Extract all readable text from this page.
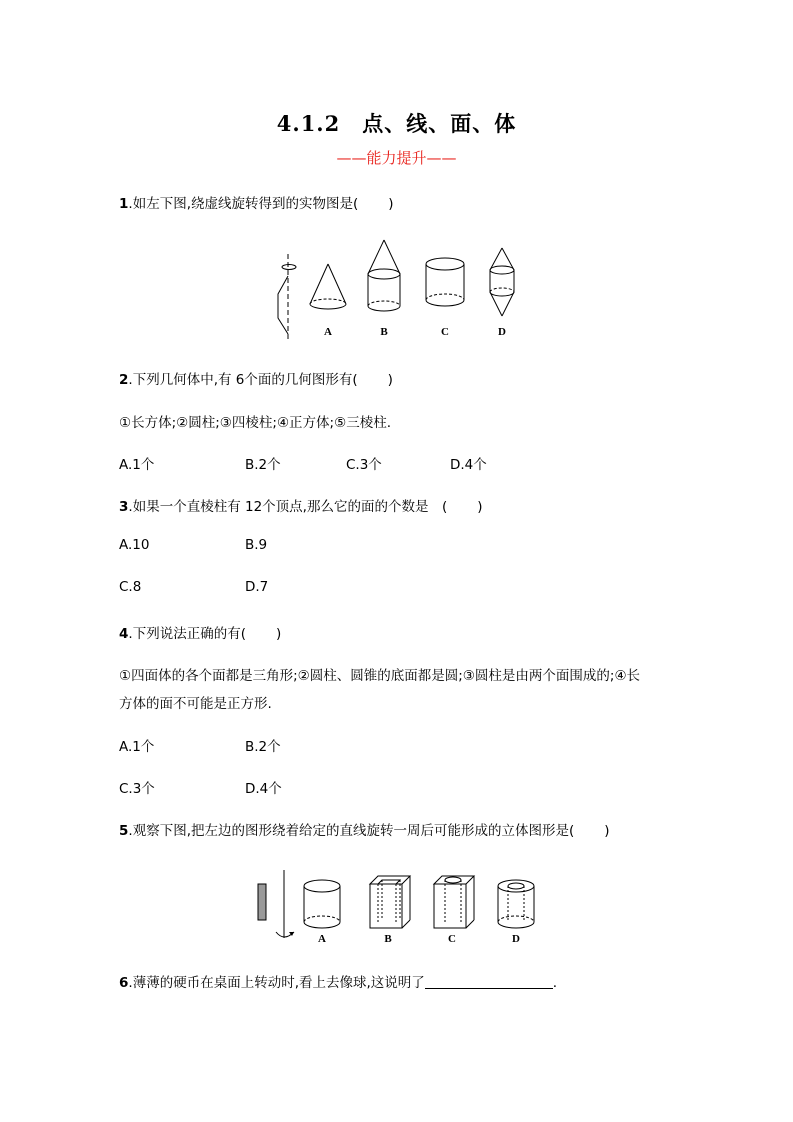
4.1.2　点、线、面、体
——能力提升——
1.如左下图,绕虚线旋转得到的实物图是( )
A	B	C	D
2.下列几何体中,有 6个面的几何图形有( )
①长方体;②圆柱;③四棱柱;④正方体;⑤三棱柱.
A.1个	B.2个	C.3个	D.4个
3.如果一个直棱柱有 12个顶点,那么它的面的个数是　( )
A.10	B.9
C.8	D.7
4.下列说法正确的有( )
①四面体的各个面都是三角形;②圆柱、圆锥的底面都是圆;③圆柱是由两个面围成的;④长
方体的面不可能是正方形.
A.1个	B.2个
C.3个	D.4个
5.观察下图,把左边的图形绕着给定的直线旋转一周后可能形成的立体图形是( )
A	B	C	D
6.薄薄的硬币在桌面上转动时,看上去像球,这说明了	.
